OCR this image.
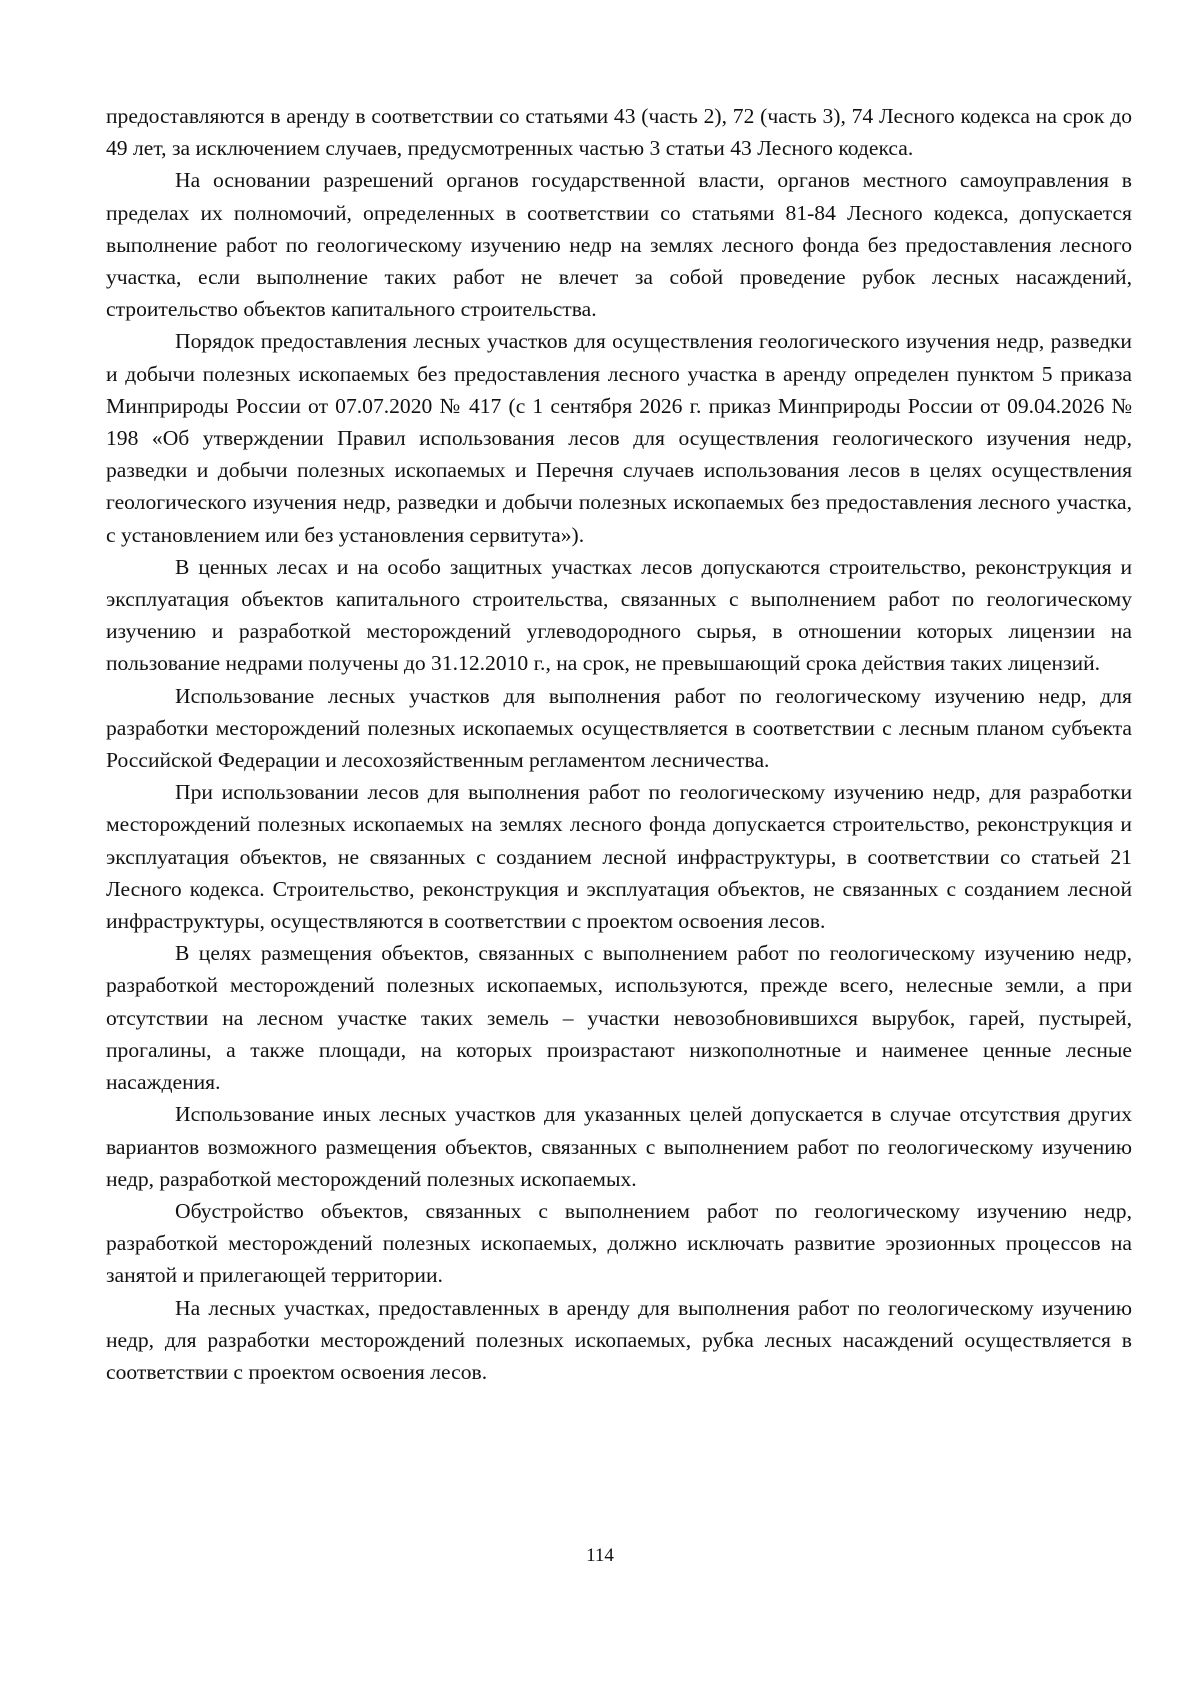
предоставляются в аренду в соответствии со статьями 43 (часть 2), 72 (часть 3), 74 Лесного кодекса на срок до 49 лет, за исключением случаев, предусмотренных частью 3 статьи 43 Лесного кодекса.

На основании разрешений органов государственной власти, органов местного самоуправления в пределах их полномочий, определенных в соответствии со статьями 81-84 Лесного кодекса, допускается выполнение работ по геологическому изучению недр на землях лесного фонда без предоставления лесного участка, если выполнение таких работ не влечет за собой проведение рубок лесных насаждений, строительство объектов капитального строительства.

Порядок предоставления лесных участков для осуществления геологического изучения недр, разведки и добычи полезных ископаемых без предоставления лесного участка в аренду определен пунктом 5 приказа Минприроды России от 07.07.2020 № 417 (с 1 сентября 2026 г. приказ Минприроды России от 09.04.2026 № 198 «Об утверждении Правил использования лесов для осуществления геологического изучения недр, разведки и добычи полезных ископаемых и Перечня случаев использования лесов в целях осуществления геологического изучения недр, разведки и добычи полезных ископаемых без предоставления лесного участка, с установлением или без установления сервитута»).

В ценных лесах и на особо защитных участках лесов допускаются строительство, реконструкция и эксплуатация объектов капитального строительства, связанных с выполнением работ по геологическому изучению и разработкой месторождений углеводородного сырья, в отношении которых лицензии на пользование недрами получены до 31.12.2010 г., на срок, не превышающий срока действия таких лицензий.

Использование лесных участков для выполнения работ по геологическому изучению недр, для разработки месторождений полезных ископаемых осуществляется в соответствии с лесным планом субъекта Российской Федерации и лесохозяйственным регламентом лесничества.

При использовании лесов для выполнения работ по геологическому изучению недр, для разработки месторождений полезных ископаемых на землях лесного фонда допускается строительство, реконструкция и эксплуатация объектов, не связанных с созданием лесной инфраструктуры, в соответствии со статьей 21 Лесного кодекса. Строительство, реконструкция и эксплуатация объектов, не связанных с созданием лесной инфраструктуры, осуществляются в соответствии с проектом освоения лесов.

В целях размещения объектов, связанных с выполнением работ по геологическому изучению недр, разработкой месторождений полезных ископаемых, используются, прежде всего, нелесные земли, а при отсутствии на лесном участке таких земель – участки невозобновившихся вырубок, гарей, пустырей, прогалины, а также площади, на которых произрастают низкополнотные и наименее ценные лесные насаждения.

Использование иных лесных участков для указанных целей допускается в случае отсутствия других вариантов возможного размещения объектов, связанных с выполнением работ по геологическому изучению недр, разработкой месторождений полезных ископаемых.

Обустройство объектов, связанных с выполнением работ по геологическому изучению недр, разработкой месторождений полезных ископаемых, должно исключать развитие эрозионных процессов на занятой и прилегающей территории.

На лесных участках, предоставленных в аренду для выполнения работ по геологическому изучению недр, для разработки месторождений полезных ископаемых, рубка лесных насаждений осуществляется в соответствии с проектом освоения лесов.

114
